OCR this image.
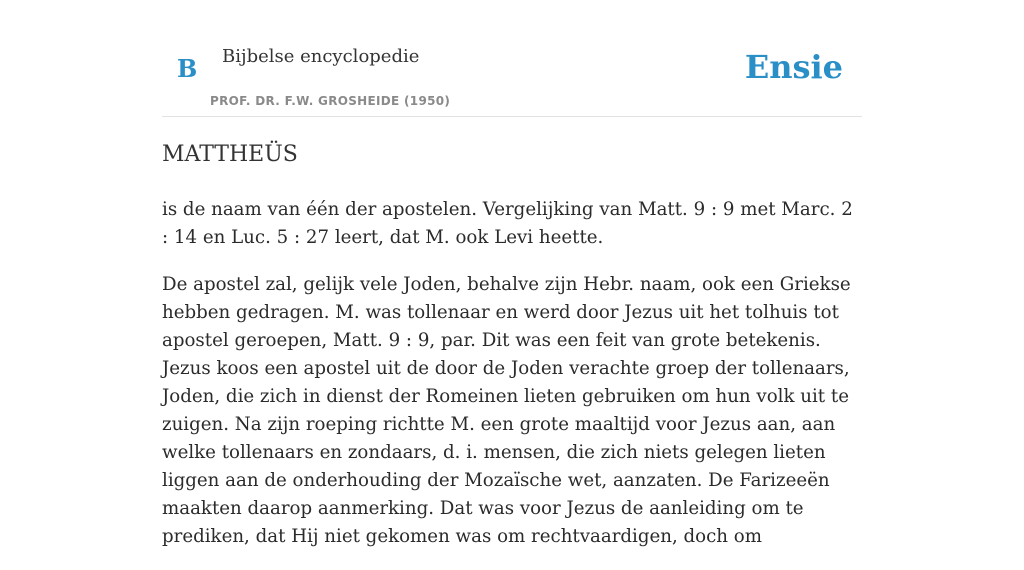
B Bijbelse encyclopedie
PROF. DR. F.W. GROSHEIDE (1950)
Ensie
MATTHEÜS

is de naam van één der apostelen. Vergelijking van Matt. 9 : 9 met Marc. 2 : 14 en Luc. 5 : 27 leert, dat M. ook Levi heette.

De apostel zal, gelijk vele Joden, behalve zijn Hebr. naam, ook een Griekse hebben gedragen. M. was tollenaar en werd door Jezus uit het tolhuis tot apostel geroepen, Matt. 9 : 9, par. Dit was een feit van grote betekenis. Jezus koos een apostel uit de door de Joden verachte groep der tollenaars, Joden, die zich in dienst der Romeinen lieten gebruiken om hun volk uit te zuigen. Na zijn roeping richtte M. een grote maaltijd voor Jezus aan, aan welke tollenaars en zondaars, d. i. mensen, die zich niets gelegen lieten liggen aan de onderhouding der Mozaïsche wet, aanzaten. De Farizeeën maakten daarop aanmerking. Dat was voor Jezus de aanleiding om te prediken, dat Hij niet gekomen was om rechtvaardigen, doch om
